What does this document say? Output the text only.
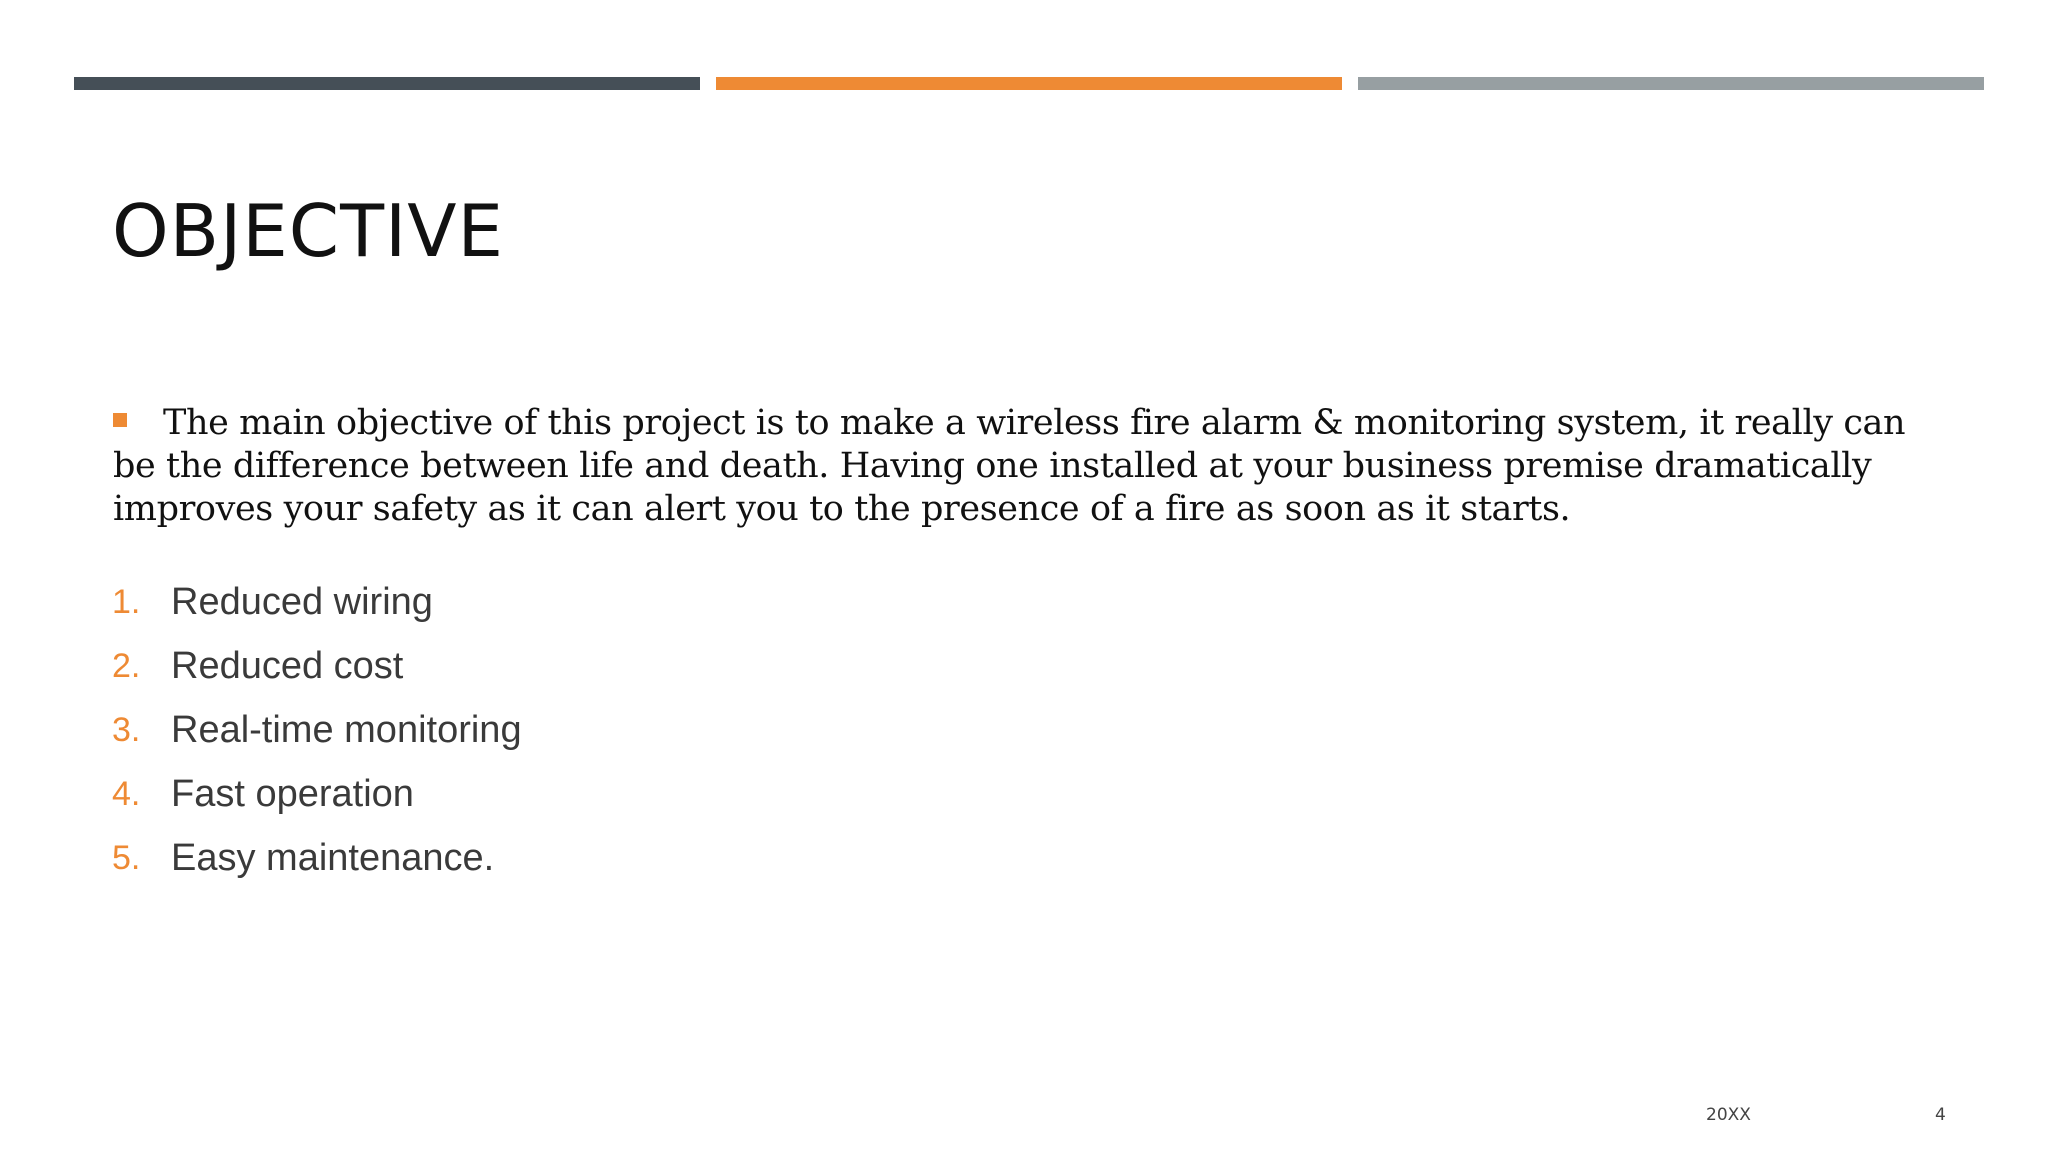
OBJECTIVE

The main objective of this project is to make a wireless fire alarm & monitoring system, it really can be the difference between life and death. Having one installed at your business premise dramatically improves your safety as it can alert you to the presence of a fire as soon as it starts.

1. Reduced wiring
2. Reduced cost
3. Real-time monitoring
4. Fast operation
5. Easy maintenance.
20XX	4
